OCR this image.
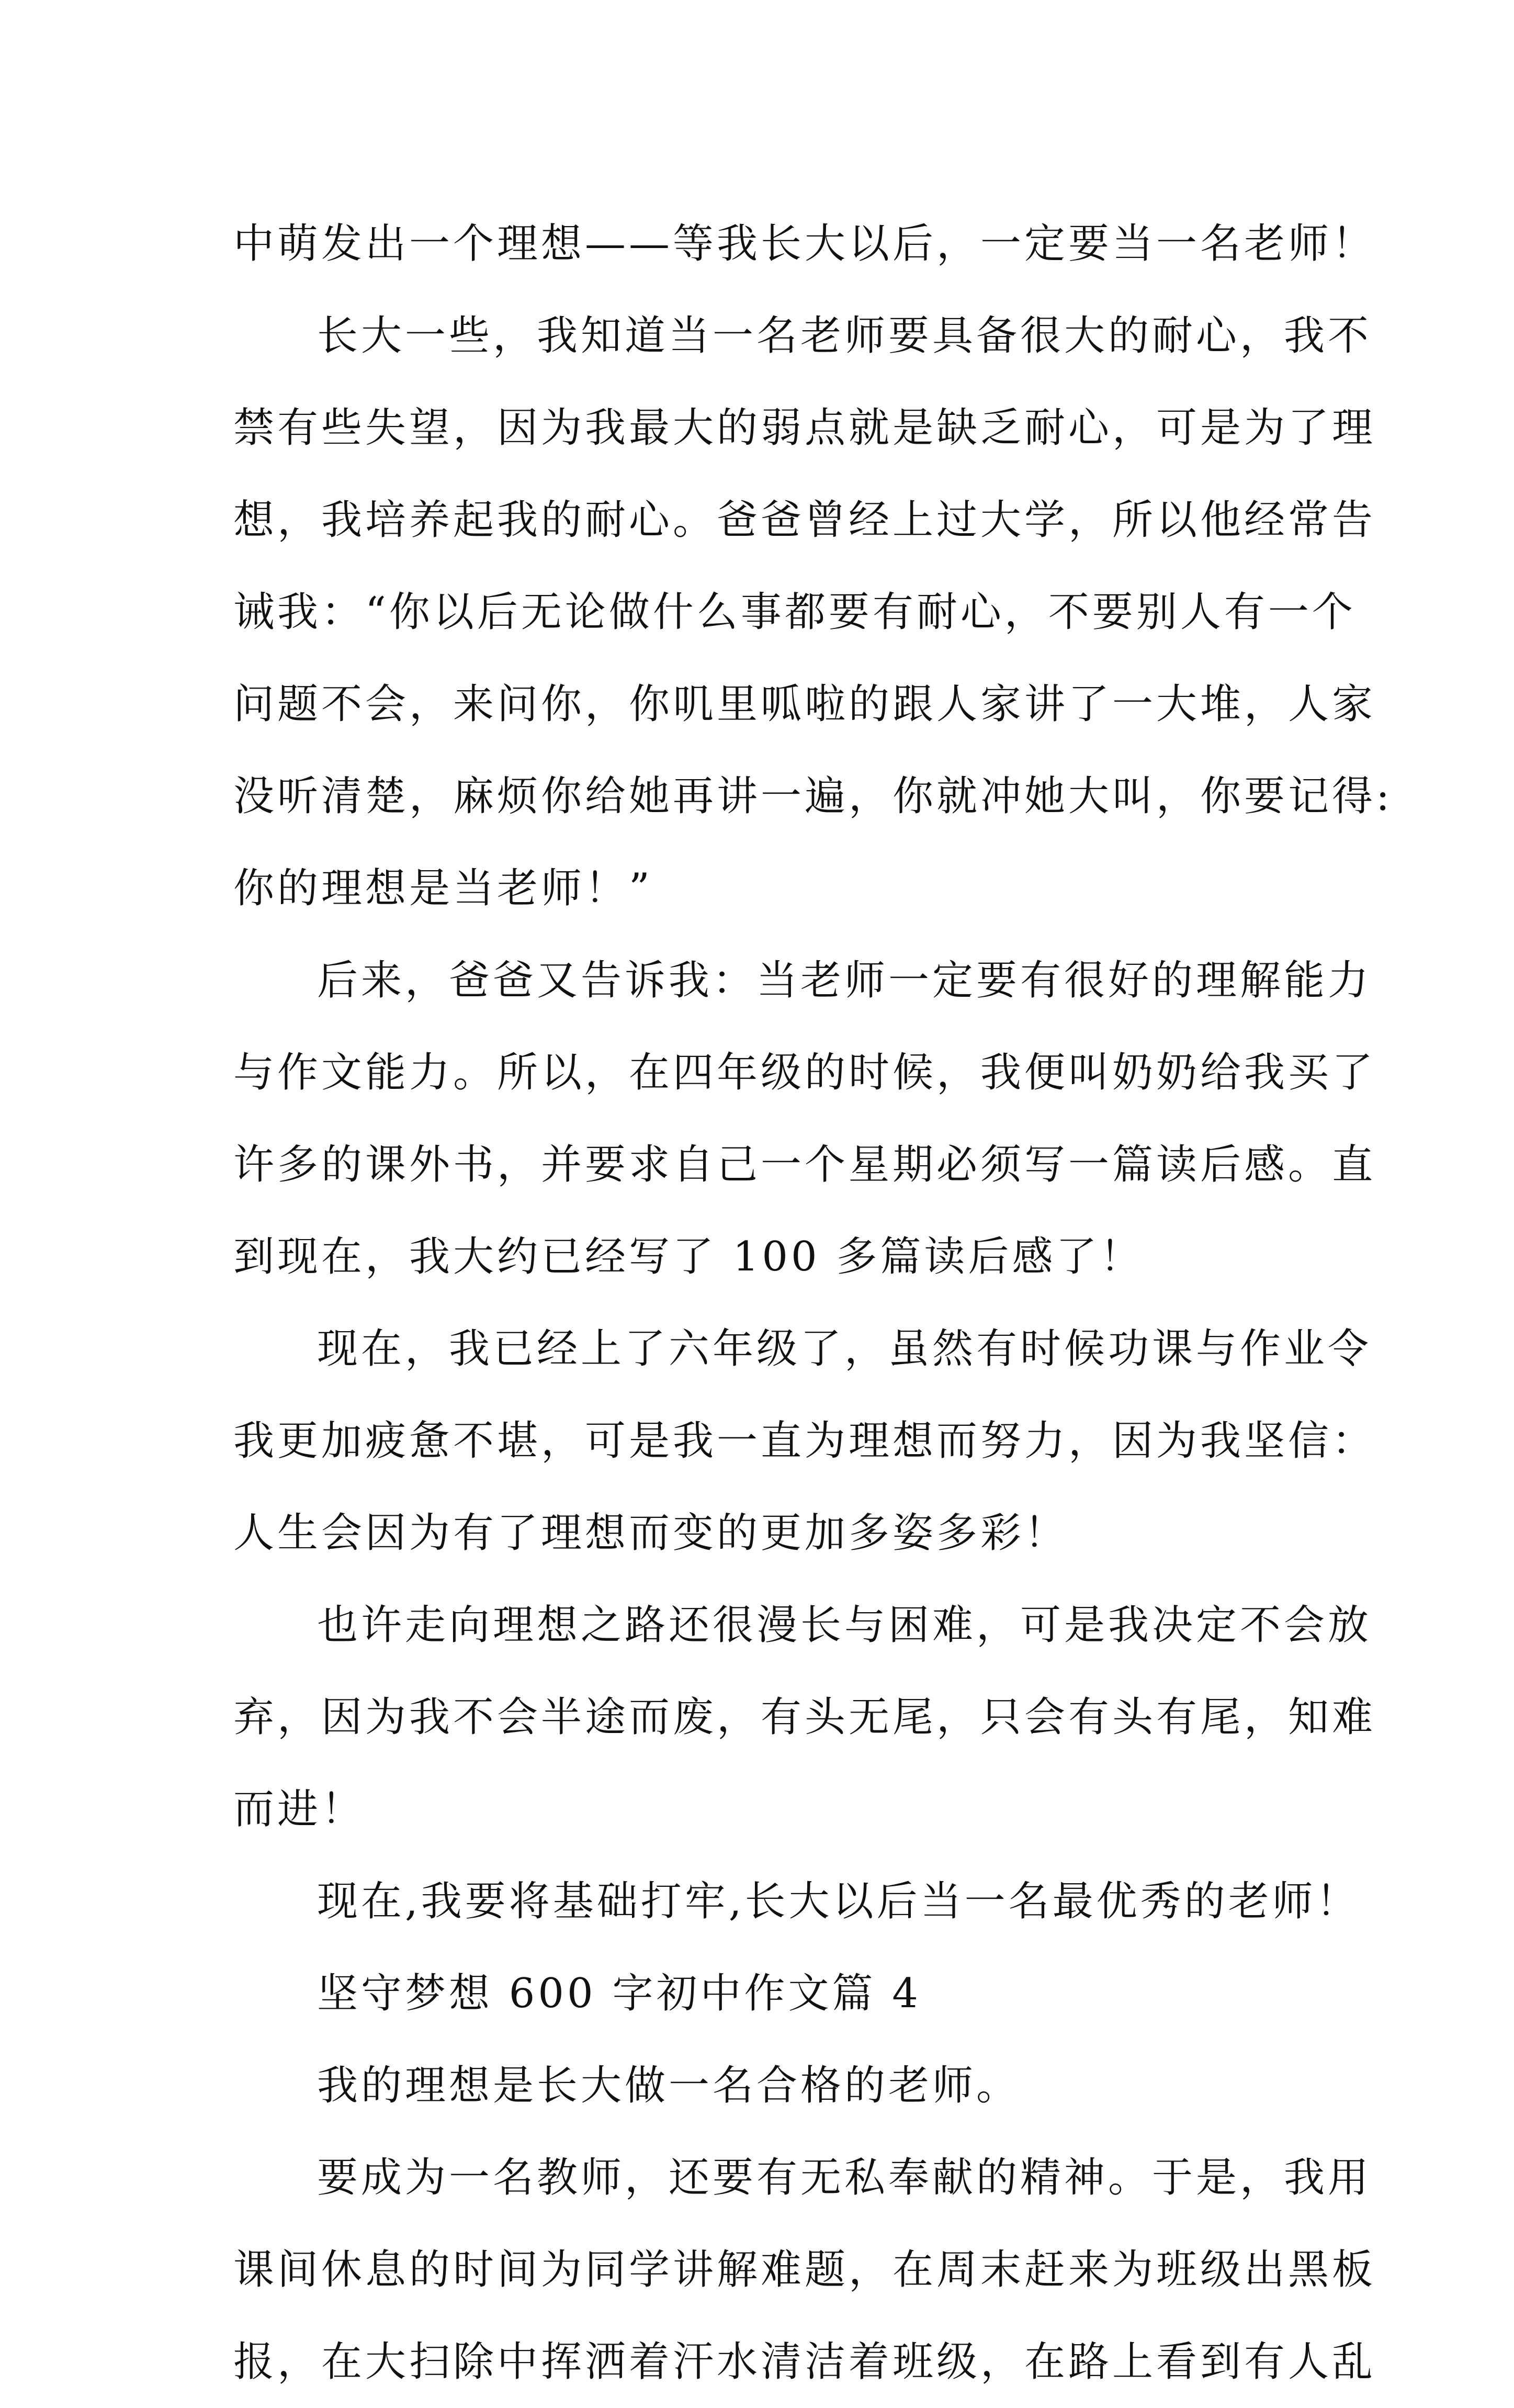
中萌发出一个理想——等我长大以后，一定要当一名老师！
长大一些，我知道当一名老师要具备很大的耐心，我不
禁有些失望，因为我最大的弱点就是缺乏耐心，可是为了理
想，我培养起我的耐心。爸爸曾经上过大学，所以他经常告
诫我：“你以后无论做什么事都要有耐心，不要别人有一个
问题不会，来问你，你叽里呱啦的跟人家讲了一大堆，人家
没听清楚，麻烦你给她再讲一遍，你就冲她大叫，你要记得:
你的理想是当老师！”
后来，爸爸又告诉我：当老师一定要有很好的理解能力
与作文能力。所以，在四年级的时候，我便叫奶奶给我买了
许多的课外书，并要求自己一个星期必须写一篇读后感。直
到现在，我大约已经写了 100 多篇读后感了！
现在，我已经上了六年级了，虽然有时候功课与作业令
我更加疲惫不堪，可是我一直为理想而努力，因为我坚信：
人生会因为有了理想而变的更加多姿多彩！
也许走向理想之路还很漫长与困难，可是我决定不会放
弃，因为我不会半途而废，有头无尾，只会有头有尾，知难
而进！
现在,我要将基础打牢,长大以后当一名最优秀的老师！
坚守梦想 600 字初中作文篇 4
我的理想是长大做一名合格的老师。
要成为一名教师，还要有无私奉献的精神。于是，我用
课间休息的时间为同学讲解难题，在周末赶来为班级出黑板
报，在大扫除中挥洒着汗水清洁着班级，在路上看到有人乱
